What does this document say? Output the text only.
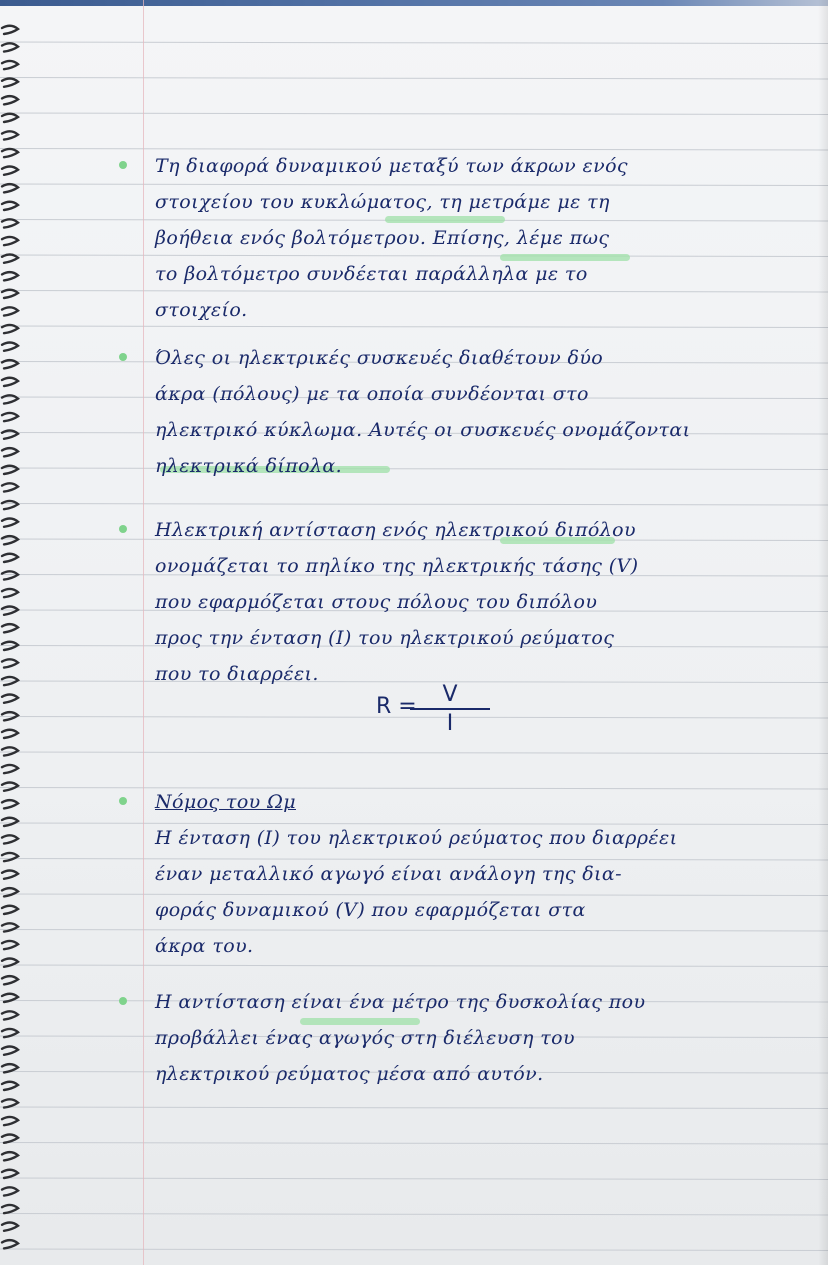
Τη διαφορά δυναμικού μεταξύ των άκρων ενός
στοιχείου του κυκλώματος, τη μετράμε με τη
βοήθεια ενός βολτόμετρου. Επίσης, λέμε πως
το βολτόμετρο συνδέεται παράλληλα με το
στοιχείο.
Όλες οι ηλεκτρικές συσκευές διαθέτουν δύο
άκρα (πόλους) με τα οποία συνδέονται στο
ηλεκτρικό κύκλωμα. Αυτές οι συσκευές ονομάζονται
ηλεκτρικά δίπολα.
Ηλεκτρική αντίσταση ενός ηλεκτρικού διπόλου
ονομάζεται το πηλίκο της ηλεκτρικής τάσης (V)
που εφαρμόζεται στους πόλους του διπόλου
προς την ένταση (I) του ηλεκτρικού ρεύματος
που το διαρρέει.
R =	V
I
Νόμος του Ωμ
Η ένταση (I) του ηλεκτρικού ρεύματος που διαρρέει
έναν μεταλλικό αγωγό είναι ανάλογη της δια-
φοράς δυναμικού (V) που εφαρμόζεται στα
άκρα του.
Η αντίσταση είναι ένα μέτρο της δυσκολίας που
προβάλλει ένας αγωγός στη διέλευση του
ηλεκτρικού ρεύματος μέσα από αυτόν.
